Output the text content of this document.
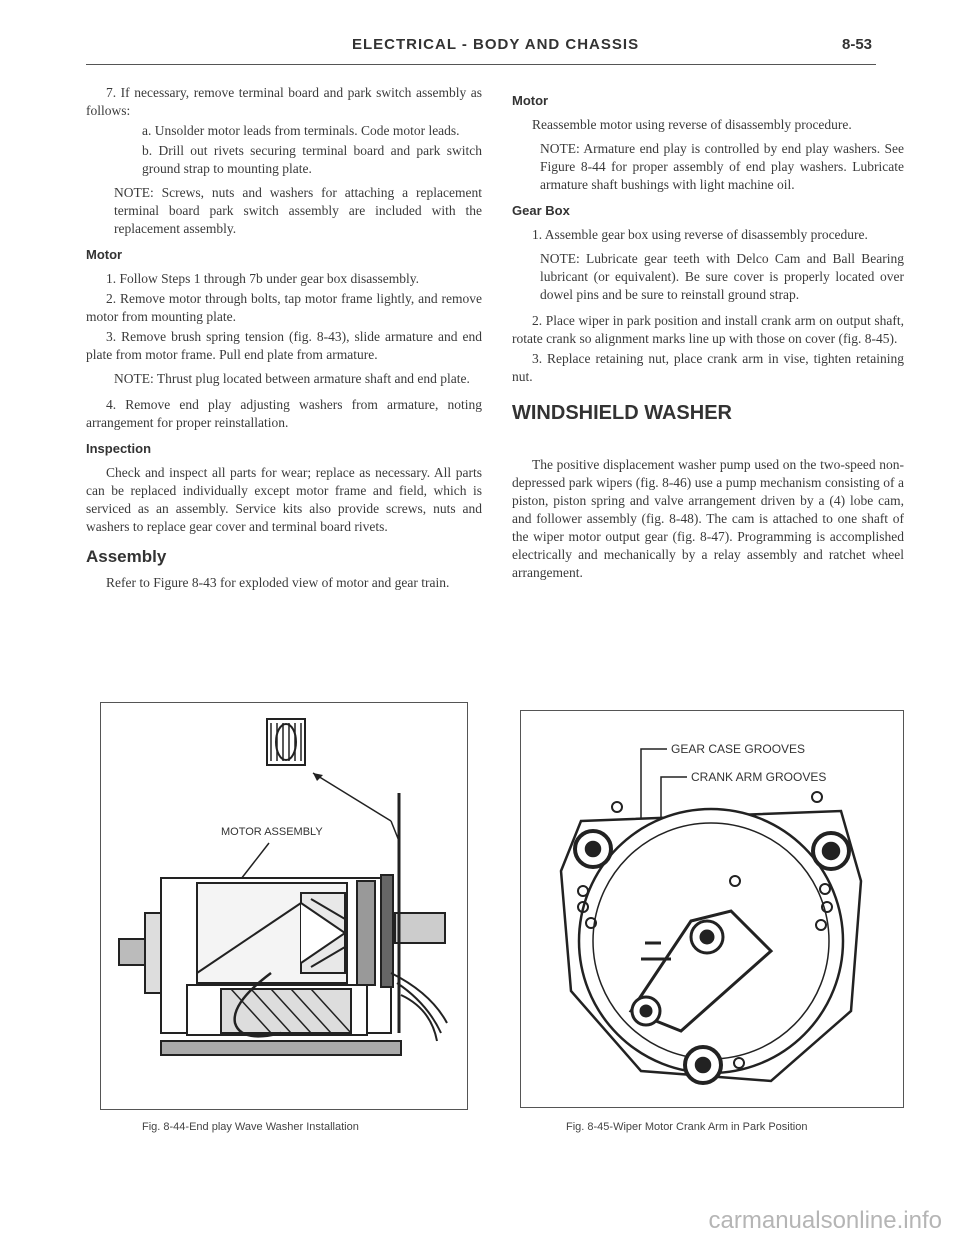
ELECTRICAL - BODY AND CHASSIS	8-53

7. If necessary, remove terminal board and park switch assembly as follows:

a. Unsolder motor leads from terminals. Code motor leads.

b. Drill out rivets securing terminal board and park switch ground strap to mounting plate.

NOTE: Screws, nuts and washers for attaching a replacement terminal board park switch assembly are included with the replacement assembly.

Motor

1. Follow Steps 1 through 7b under gear box disassembly.

2. Remove motor through bolts, tap motor frame lightly, and remove motor from mounting plate.

3. Remove brush spring tension (fig. 8-43), slide armature and end plate from motor frame. Pull end plate from armature.

NOTE: Thrust plug located between armature shaft and end plate.

4. Remove end play adjusting washers from armature, noting arrangement for proper reinstallation.

Inspection

Check and inspect all parts for wear; replace as necessary. All parts can be replaced individually except motor frame and field, which is serviced as an assembly. Service kits also provide screws, nuts and washers to replace gear cover and terminal board rivets.

Assembly

Refer to Figure 8-43 for exploded view of motor and gear train.

Motor

Reassemble motor using reverse of disassembly procedure.

NOTE: Armature end play is controlled by end play washers. See Figure 8-44 for proper assembly of end play washers. Lubricate armature shaft bushings with light machine oil.

Gear Box

1. Assemble gear box using reverse of disassembly procedure.

NOTE: Lubricate gear teeth with Delco Cam and Ball Bearing lubricant (or equivalent). Be sure cover is properly located over dowel pins and be sure to reinstall ground strap.

2. Place wiper in park position and install crank arm on output shaft, rotate crank so alignment marks line up with those on cover (fig. 8-45).

3. Replace retaining nut, place crank arm in vise, tighten retaining nut.

WINDSHIELD WASHER

The positive displacement washer pump used on the two-speed non-depressed park wipers (fig. 8-46) use a pump mechanism consisting of a piston, piston spring and valve arrangement driven by a (4) lobe cam, and follower assembly (fig. 8-48). The cam is attached to one shaft of the wiper motor output gear (fig. 8-47). Programming is accomplished electrically and mechanically by a relay assembly and ratchet wheel arrangement.

MOTOR ASSEMBLY
Fig. 8-44-End play Wave Washer Installation
GEAR CASE GROOVES
CRANK ARM GROOVES
Fig. 8-45-Wiper Motor Crank Arm in Park Position
carmanualsonline.info
